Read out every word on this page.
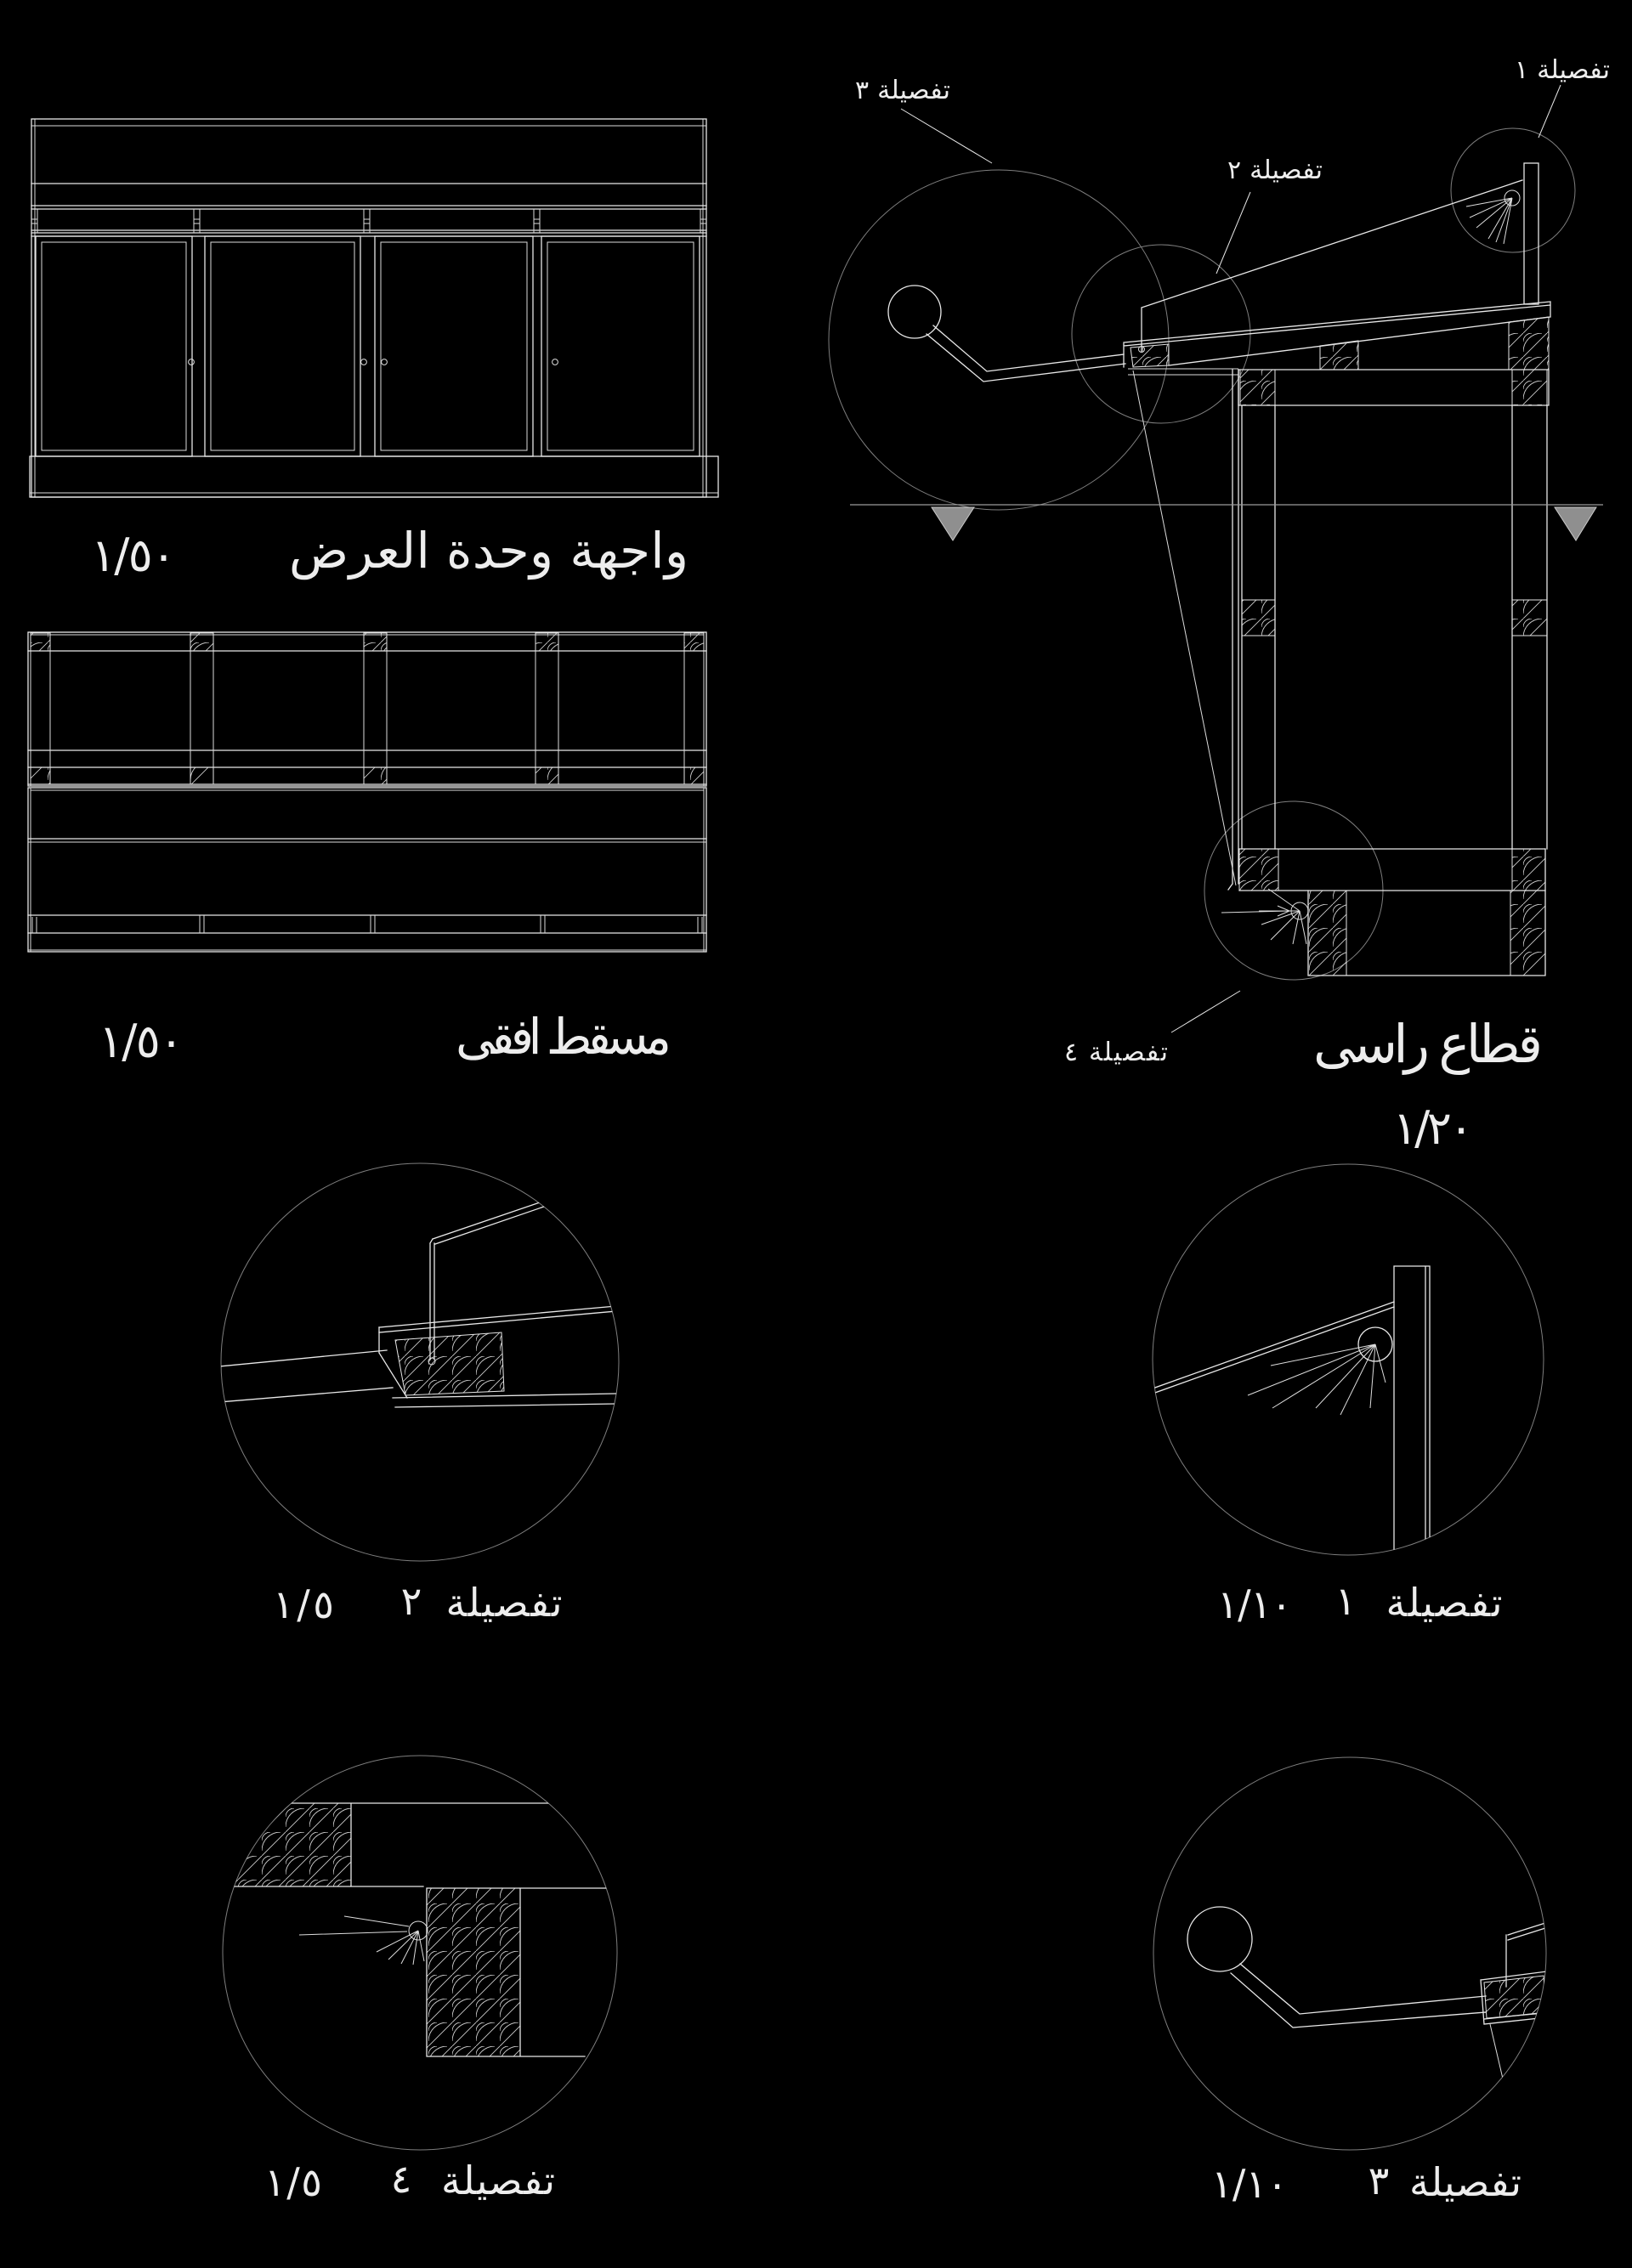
واجهة وحدة العرض
١/٥٠
مسقط افقى
١/٥٠
تفصيلة ١
تفصيلة ٢
تفصيلة ٣
تفصيلة ٤	قطاع راسى
١/٢٠
تفصيلة
٢
١/٥	تفصيلة
١
١/١٠
تفصيلة
٤
١/٥	تفصيلة
٣
١/١٠
